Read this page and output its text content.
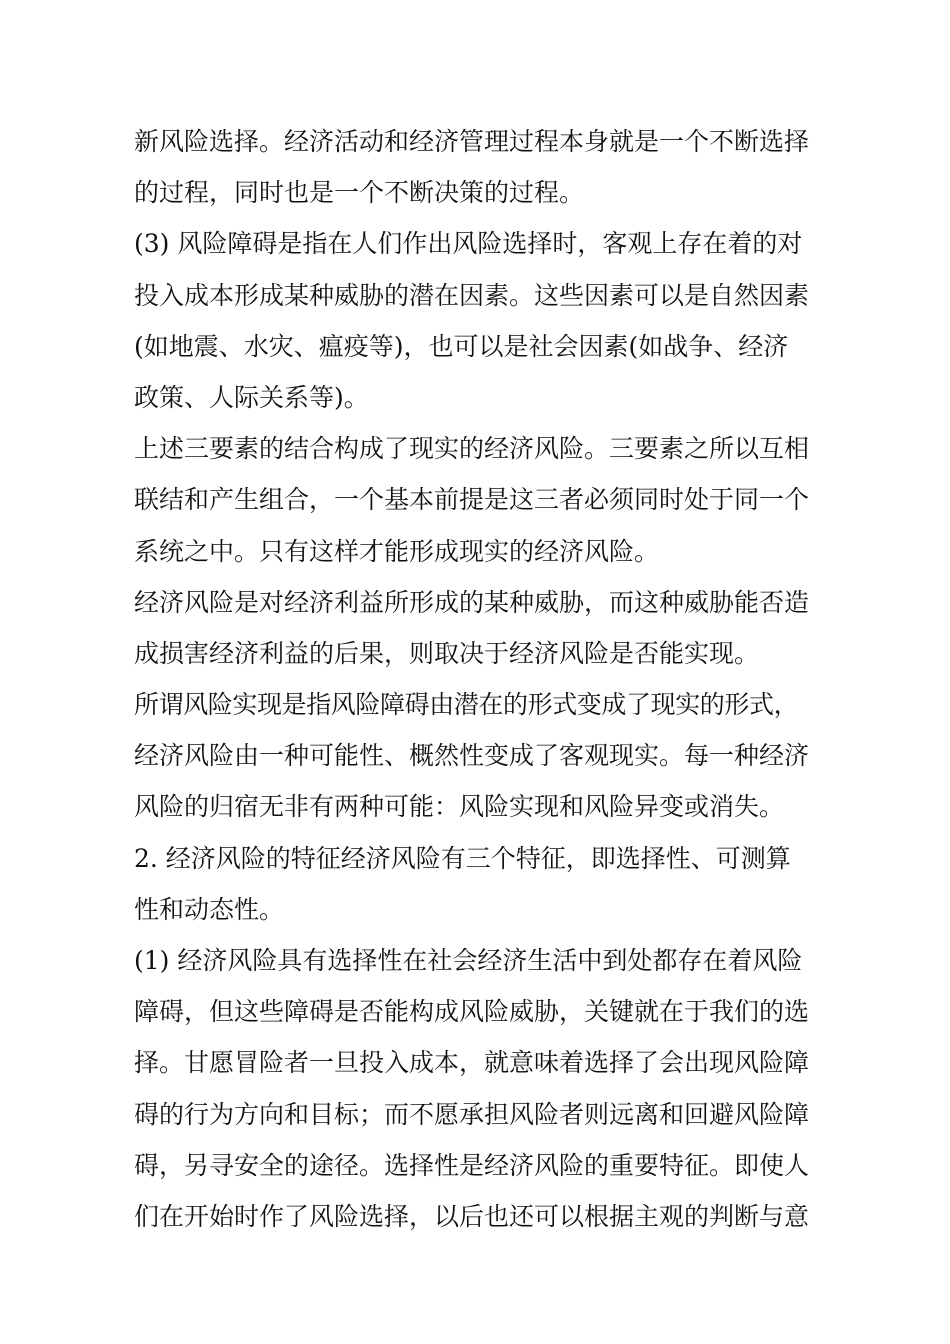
新风险选择。经济活动和经济管理过程本身就是一个不断选择
的过程，同时也是一个不断决策的过程。
(3) 风险障碍是指在人们作出风险选择时，客观上存在着的对
投入成本形成某种威胁的潜在因素。这些因素可以是自然因素
(如地震、水灾、瘟疫等)，也可以是社会因素(如战争、经济
政策、人际关系等)。
上述三要素的结合构成了现实的经济风险。三要素之所以互相
联结和产生组合，一个基本前提是这三者必须同时处于同一个
系统之中。只有这样才能形成现实的经济风险。
经济风险是对经济利益所形成的某种威胁，而这种威胁能否造
成损害经济利益的后果，则取决于经济风险是否能实现。
所谓风险实现是指风险障碍由潜在的形式变成了现实的形式，
经济风险由一种可能性、概然性变成了客观现实。每一种经济
风险的归宿无非有两种可能：风险实现和风险异变或消失。
2. 经济风险的特征经济风险有三个特征，即选择性、可测算
性和动态性。
(1) 经济风险具有选择性在社会经济生活中到处都存在着风险
障碍，但这些障碍是否能构成风险威胁，关键就在于我们的选
择。甘愿冒险者一旦投入成本，就意味着选择了会出现风险障
碍的行为方向和目标；而不愿承担风险者则远离和回避风险障
碍，另寻安全的途径。选择性是经济风险的重要特征。即使人
们在开始时作了风险选择，以后也还可以根据主观的判断与意
